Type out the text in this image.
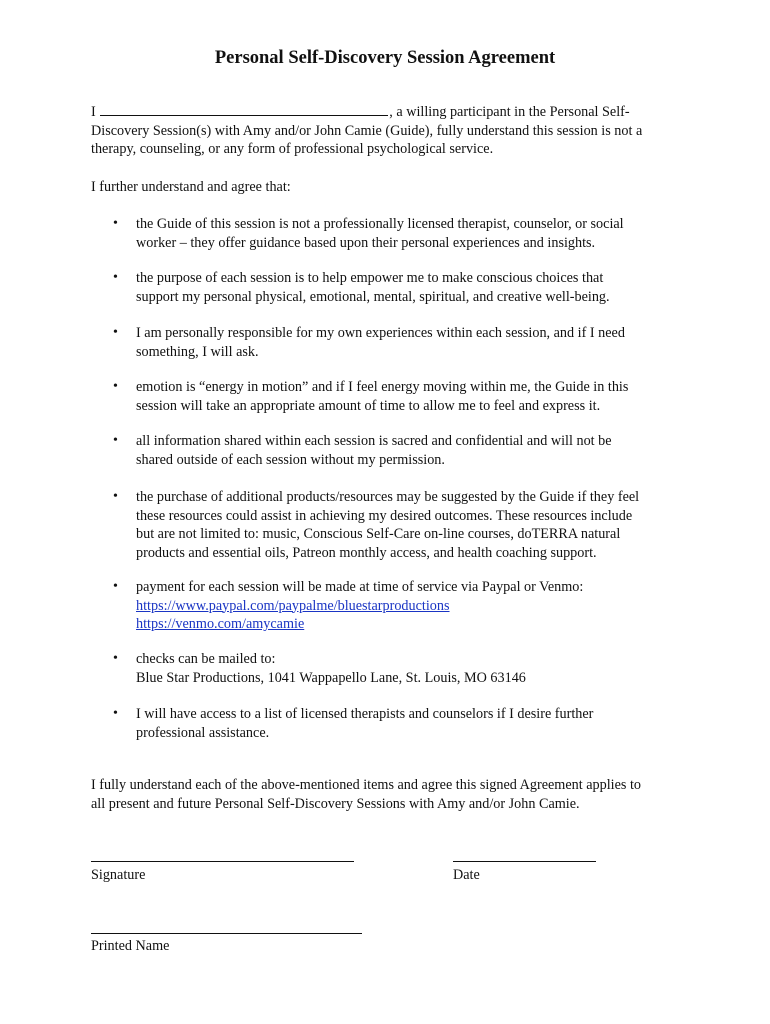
Personal Self-Discovery Session Agreement
I	, a willing participant in the Personal Self-
Discovery Session(s) with Amy and/or John Camie (Guide), fully understand this session is not a
therapy, counseling, or any form of professional psychological service.
I further understand and agree that:
•	the Guide of this session is not a professionally licensed therapist, counselor, or social
worker – they offer guidance based upon their personal experiences and insights.
•	the purpose of each session is to help empower me to make conscious choices that
support my personal physical, emotional, mental, spiritual, and creative well-being.
•	I am personally responsible for my own experiences within each session, and if I need
something, I will ask.
•	emotion is “energy in motion” and if I feel energy moving within me, the Guide in this
session will take an appropriate amount of time to allow me to feel and express it.
•	all information shared within each session is sacred and confidential and will not be
shared outside of each session without my permission.
•	the purchase of additional products/resources may be suggested by the Guide if they feel
these resources could assist in achieving my desired outcomes. These resources include
but are not limited to: music, Conscious Self-Care on-line courses, doTERRA natural
products and essential oils, Patreon monthly access, and health coaching support.
•	payment for each session will be made at time of service via Paypal or Venmo:
https://www.paypal.com/paypalme/bluestarproductions
https://venmo.com/amycamie
•	checks can be mailed to:
Blue Star Productions, 1041 Wappapello Lane, St. Louis, MO 63146
•	I will have access to a list of licensed therapists and counselors if I desire further
professional assistance.
I fully understand each of the above-mentioned items and agree this signed Agreement applies to
all present and future Personal Self-Discovery Sessions with Amy and/or John Camie.
Signature	Date
Printed Name
